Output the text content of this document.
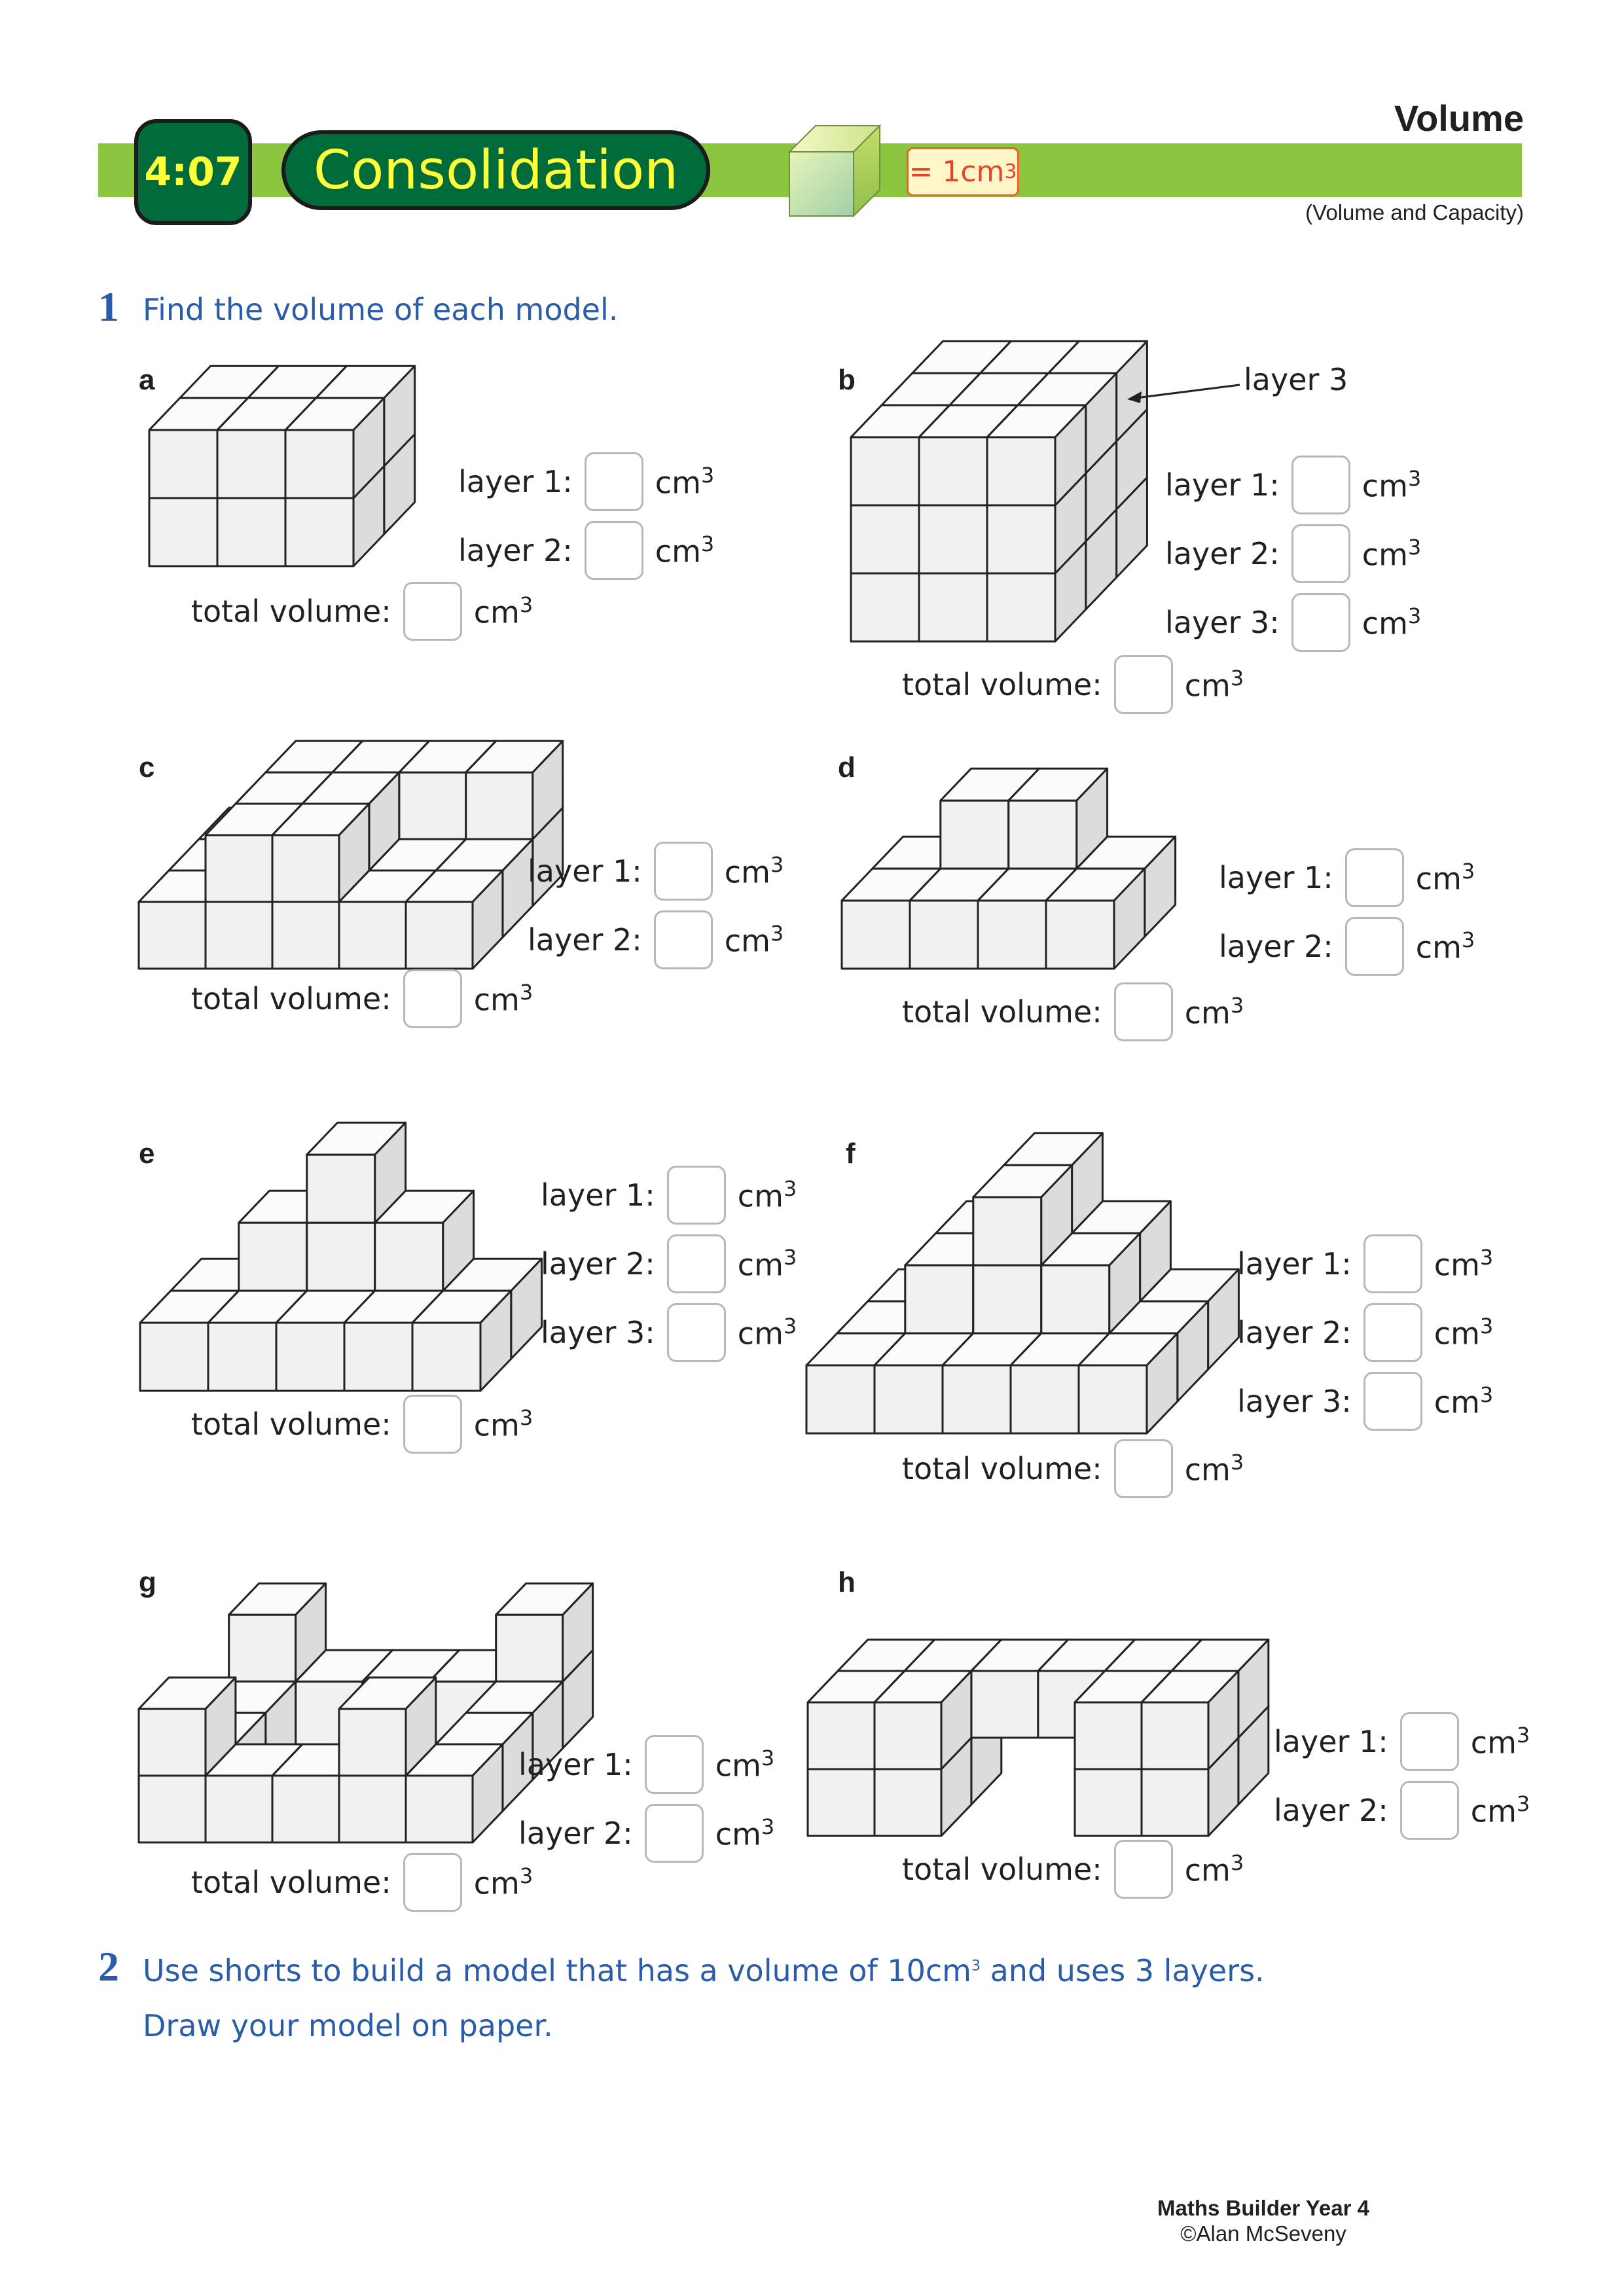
4:07	Consolidation	= 1cm 3
Volume
(Volume and Capacity)
1 Find the volume of each model.
a	b
c	d
e	f
g	h
layer 3
layer 1:	$cm^3$
layer 2:	$cm^3$
total volume:	$cm^3$
layer 1:	$cm^3$
layer 2:	$cm^3$
layer 3:	$cm^3$
total volume:	$cm^3$
layer 1:	$cm^3$
layer 2:	$cm^3$
total volume:	$cm^3$
layer 1:	$cm^3$
layer 2:	$cm^3$
total volume:	$cm^3$
layer 1:	$cm^3$
layer 2:	$cm^3$
layer 3:	$cm^3$
total volume:	$cm^3$
layer 1:	$cm^3$
layer 2:	$cm^3$
layer 3:	$cm^3$
total volume:	$cm^3$
layer 1:	$cm^3$
layer 2:	$cm^3$
total volume:	$cm^3$
layer 1:	$cm^3$
layer 2:	$cm^3$
total volume:	$cm^3$
2 Use shorts to build a model that has a volume of $10cm^3$ and uses 3 layers.
Draw your model on paper.
Maths Builder Year 4
©Alan McSeveny
